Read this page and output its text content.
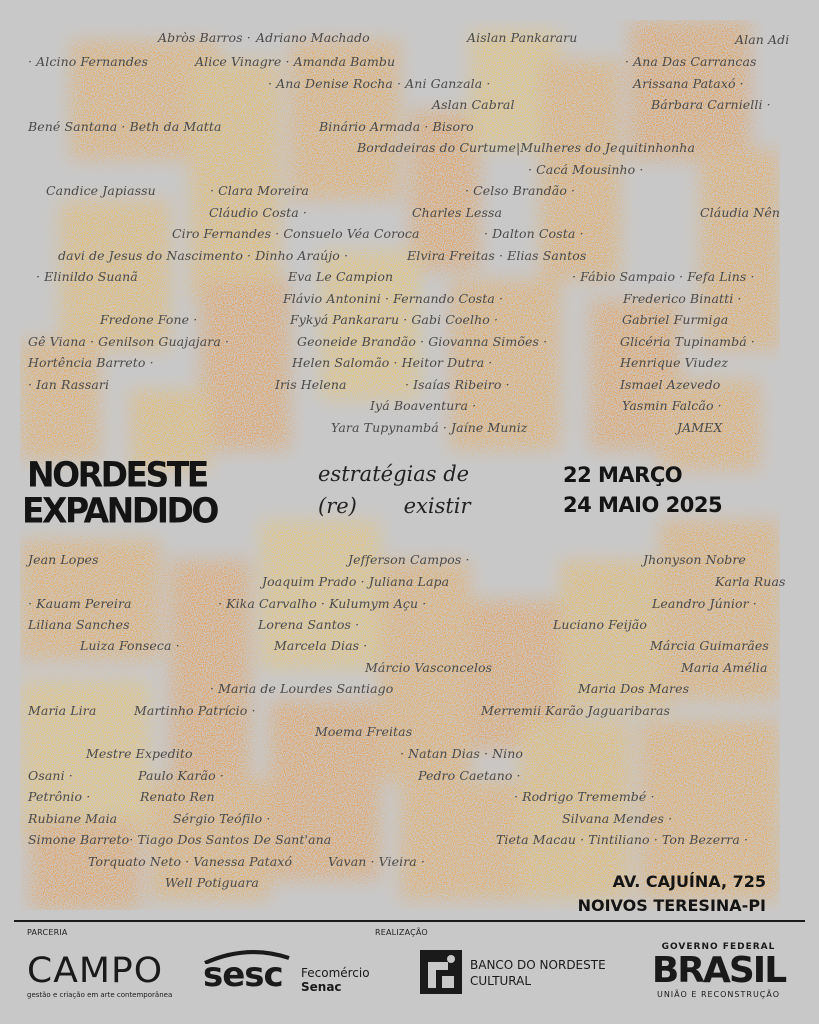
Abròs Barros · Adriano Machado	Aislan Pankararu	Alan Adi
· Alcino Fernandes	Alice Vinagre · Amanda Bambu	· Ana Das Carrancas
· Ana Denise Rocha · Ani Ganzala ·	Arissana Pataxó ·
Aslan Cabral	Bárbara Carnielli ·
Bené Santana · Beth da Matta	Binário Armada · Bisoro
Bordadeiras do Curtume|Mulheres do Jequitinhonha
· Cacá Mousinho ·
Candice Japiassu	· Clara Moreira	· Celso Brandão ·
Cláudio Costa ·	Charles Lessa	Cláudia Nên
Ciro Fernandes · Consuelo Véa Coroca	· Dalton Costa ·
davi de Jesus do Nascimento · Dinho Araújo ·	Elvira Freitas · Elias Santos
· Elinildo Suanã	Eva Le Campion	· Fábio Sampaio · Fefa Lins ·
Flávio Antonini · Fernando Costa ·	Frederico Binatti ·
Fredone Fone ·	Fykyá Pankararu · Gabi Coelho ·	Gabriel Furmiga
Gê Viana · Genilson Guajajara ·	Geoneide Brandão · Giovanna Simões ·	Glicéria Tupinambá ·
Hortência Barreto ·	Helen Salomão · Heitor Dutra ·	Henrique Viudez
· Ian Rassari	Iris Helena	· Isaías Ribeiro ·	Ismael Azevedo
Iyá Boaventura ·	Yasmin Falcão ·
Yara Tupynambá · Jaíne Muniz	JAMEX
NORDESTE
EXPANDIDO
estratégias de
(re)       existir
22 MARÇO
24 MAIO 2025
Jean Lopes	Jefferson Campos ·	Jhonyson Nobre
Joaquim Prado · Juliana Lapa	Karla Ruas
· Kauam Pereira	· Kika Carvalho · Kulumym Açu ·	Leandro Júnior ·
Liliana Sanches	Lorena Santos ·	Luciano Feijão
Luiza Fonseca ·	Marcela Dias ·	Márcia Guimarães
Márcio Vasconcelos	Maria Amélia
· Maria de Lourdes Santiago	Maria Dos Mares
Maria Lira	Martinho Patrício ·	Merremii Karão Jaguaribaras
Moema Freitas
Mestre Expedito	· Natan Dias · Nino
Osani ·	Paulo Karão ·	Pedro Caetano ·
Petrônio ·	Renato Ren	· Rodrigo Tremembé ·
Rubiane Maia	Sérgio Teófilo ·	Silvana Mendes ·
Simone Barreto· Tiago Dos Santos De Sant'ana	Tieta Macau · Tintiliano · Ton Bezerra ·
Torquato Neto · Vanessa Pataxó	Vavan · Vieira ·
Well Potiguara	AV. CAJUÍNA, 725
NOIVOS TERESINA-PI
PARCERIA	REALIZAÇÃO
CAMPO
gestão e criação em arte contemporânea sesc Fecomércio
Senac
BANCO DO NORDESTE
CULTURAL
GOVERNO FEDERAL
BRASIL
UNIÃO E RECONSTRUÇÃO
